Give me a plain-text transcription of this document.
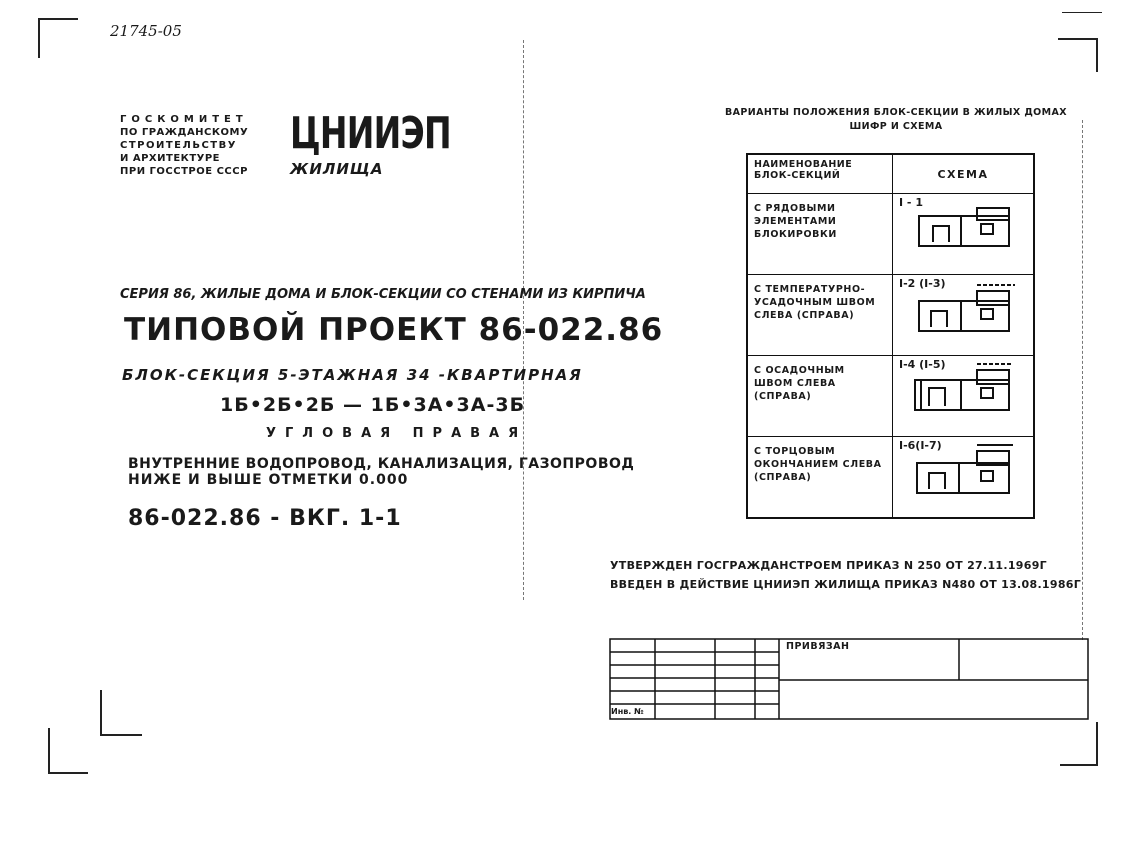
21745-05
ГОСКОМИТЕТ
ПО ГРАЖДАНСКОМУ
СТРОИТЕЛЬСТВУ
И АРХИТЕКТУРЕ
ПРИ ГОССТРОЕ СССР
ЦНИИЭП
ЖИЛИЩА
СЕРИЯ 86, ЖИЛЫЕ ДОМА И БЛОК-СЕКЦИИ СО СТЕНАМИ ИЗ КИРПИЧА
ТИПОВОЙ ПРОЕКТ 86-022.86
БЛОК-СЕКЦИЯ 5-ЭТАЖНАЯ 34 -КВАРТИРНАЯ
1Б•2Б•2Б — 1Б•3А•3А-3Б
УГЛОВАЯ ПРАВАЯ
ВНУТРЕННИЕ ВОДОПРОВОД, КАНАЛИЗАЦИЯ, ГАЗОПРОВОД
НИЖЕ И ВЫШЕ ОТМЕТКИ 0.000
86-022.86 - ВКГ. 1-1
ВАРИАНТЫ ПОЛОЖЕНИЯ БЛОК-СЕКЦИИ В ЖИЛЫХ ДОМАХ
ШИФР И СХЕМА
НАИМЕНОВАНИЕ БЛОК-СЕКЦИЙ	СХЕМА
С РЯДОВЫМИ ЭЛЕМЕНТАМИ БЛОКИРОВКИ	I - 1

С ТЕМПЕРАТУРНО-УСАДОЧНЫМ ШВОМ СЛЕВА (СПРАВА)	I-2 (I-3)

С ОСАДОЧНЫМ ШВОМ СЛЕВА (СПРАВА)	I-4 (I-5)

С ТОРЦОВЫМ ОКОНЧАНИЕМ СЛЕВА (СПРАВА)	I-6(I-7)
УТВЕРЖДЕН ГОСГРАЖДАНСТРОЕМ ПРИКАЗ N 250 ОТ 27.11.1969Г
ВВЕДЕН В ДЕЙСТВИЕ ЦНИИЭП ЖИЛИЩА ПРИКАЗ N480 ОТ 13.08.1986Г
ПРИВЯЗАН
Инв. №
